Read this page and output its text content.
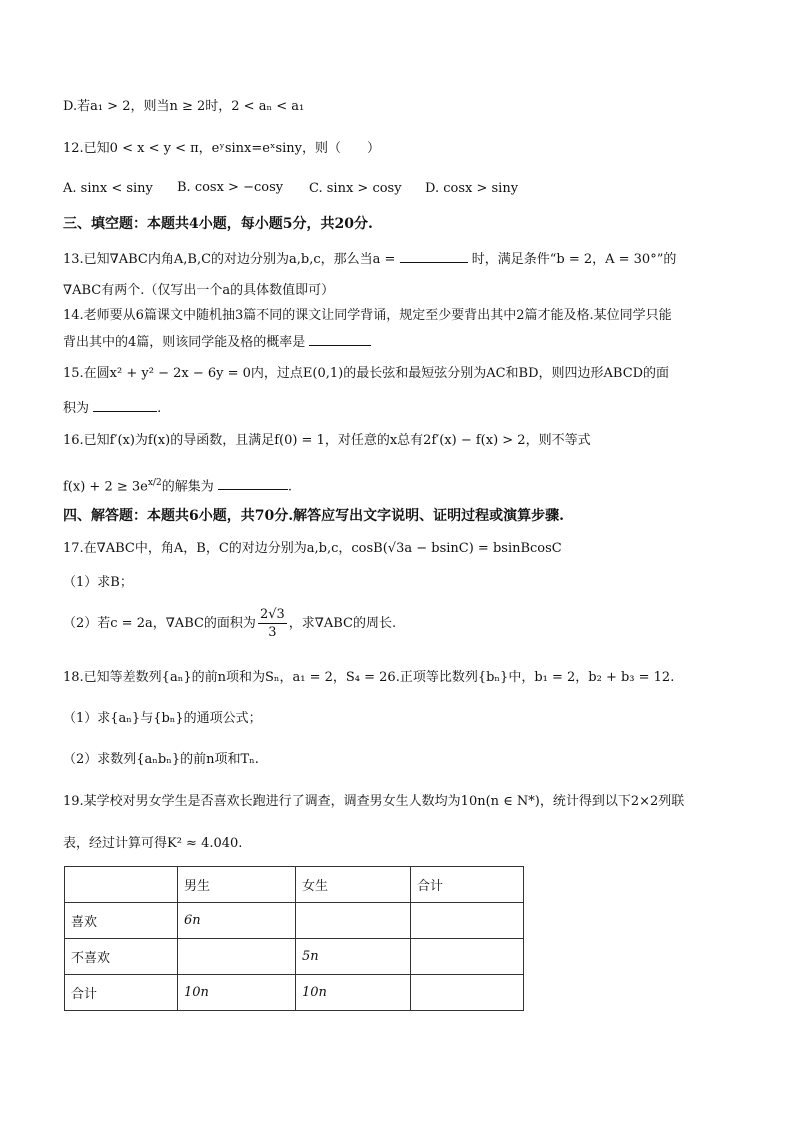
D.若a₁ > 2，则当n ≥ 2时，2 < aₙ < a₁
12.已知0 < x < y < π，eʸsinx=eˣsiny，则（　　）
A. sinx < siny B. cosx > −cosy C. sinx > cosy D. cosx > siny
三、填空题：本题共4小题，每小题5分，共20分.
13.已知∇ABC内角A,B,C的对边分别为a,b,c，那么当a =	时，满足条件“b = 2，A = 30°”的
∇ABC有两个.（仅写出一个a的具体数值即可）
14.老师要从6篇课文中随机抽3篇不同的课文让同学背诵，规定至少要背出其中2篇才能及格.某位同学只能
背出其中的4篇，则该同学能及格的概率是
15.在圆x² + y² − 2x − 6y = 0内，过点E(0,1)的最长弦和最短弦分别为AC和BD，则四边形ABCD的面
积为	.
16.已知f′(x)为f(x)的导函数，且满足f(0) = 1，对任意的x总有2f′(x) − f(x) > 2，则不等式
$f(x) + 2 \ge 3e^{x/2}$的解集为	.
四、解答题：本题共6小题，共70分.解答应写出文字说明、证明过程或演算步骤.
17.在∇ABC中，角A，B，C的对边分别为a,b,c，cosB(√3a − bsinC) = bsinBcosC
（1）求B；
（2）若c = 2a，∇ABC的面积为 $\frac{2√3}{3}$ ，求∇ABC的周长.
18.已知等差数列{aₙ}的前n项和为Sₙ，a₁ = 2，S₄ = 26.正项等比数列{bₙ}中，b₁ = 2，b₂ + b₃ = 12.
（1）求{aₙ}与{bₙ}的通项公式；
（2）求数列{aₙbₙ}的前n项和Tₙ.
19.某学校对男女学生是否喜欢长跑进行了调查，调查男女生人数均为10n(n ∈ N*)，统计得到以下2×2列联
表，经过计算可得K² ≈ 4.040.
	男生	女生	合计
喜欢	6n		
不喜欢		5n	
合计	10n	10n	
